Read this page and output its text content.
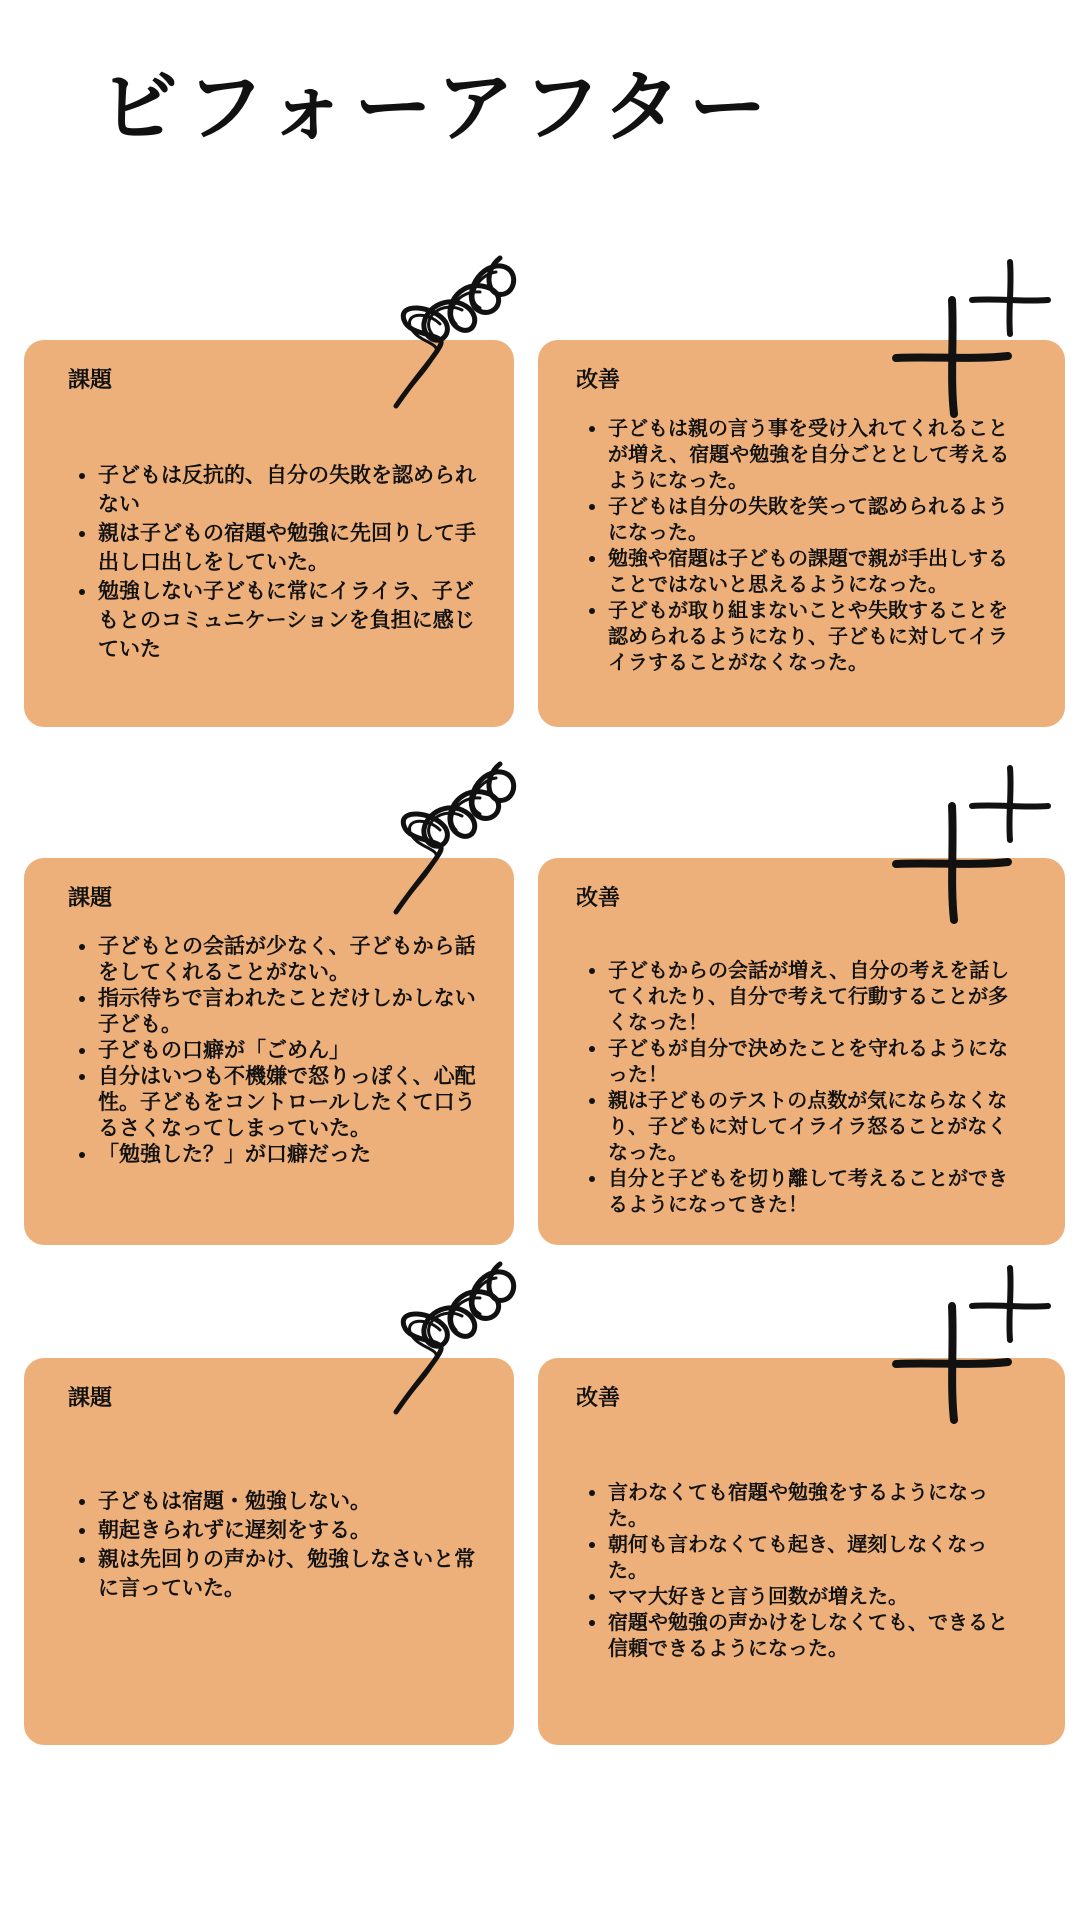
ビフォーアフター
課題
• 子どもは反抗的、自分の失敗を認められない
• 親は子どもの宿題や勉強に先回りして手出し口出しをしていた。
• 勉強しない子どもに常にイライラ、子どもとのコミュニケーションを負担に感じていた
改善
• 子どもは親の言う事を受け入れてくれることが増え、宿題や勉強を自分ごととして考えるようになった。
• 子どもは自分の失敗を笑って認められるようになった。
• 勉強や宿題は子どもの課題で親が手出しすることではないと思えるようになった。
• 子どもが取り組まないことや失敗することを認められるようになり、子どもに対してイライラすることがなくなった。
課題
• 子どもとの会話が少なく、子どもから話をしてくれることがない。
• 指示待ちで言われたことだけしかしない子ども。
• 子どもの口癖が「ごめん」
• 自分はいつも不機嫌で怒りっぽく、心配性。子どもをコントロールしたくて口うるさくなってしまっていた。
• 「勉強した？」が口癖だった
改善
• 子どもからの会話が増え、自分の考えを話してくれたり、自分で考えて行動することが多くなった！
• 子どもが自分で決めたことを守れるようになった！
• 親は子どものテストの点数が気にならなくなり、子どもに対してイライラ怒ることがなくなった。
• 自分と子どもを切り離して考えることができるようになってきた！
課題
• 子どもは宿題・勉強しない。
• 朝起きられずに遅刻をする。
• 親は先回りの声かけ、勉強しなさいと常に言っていた。
改善
• 言わなくても宿題や勉強をするようになった。
• 朝何も言わなくても起き、遅刻しなくなった。
• ママ大好きと言う回数が増えた。
• 宿題や勉強の声かけをしなくても、できると信頼できるようになった。
